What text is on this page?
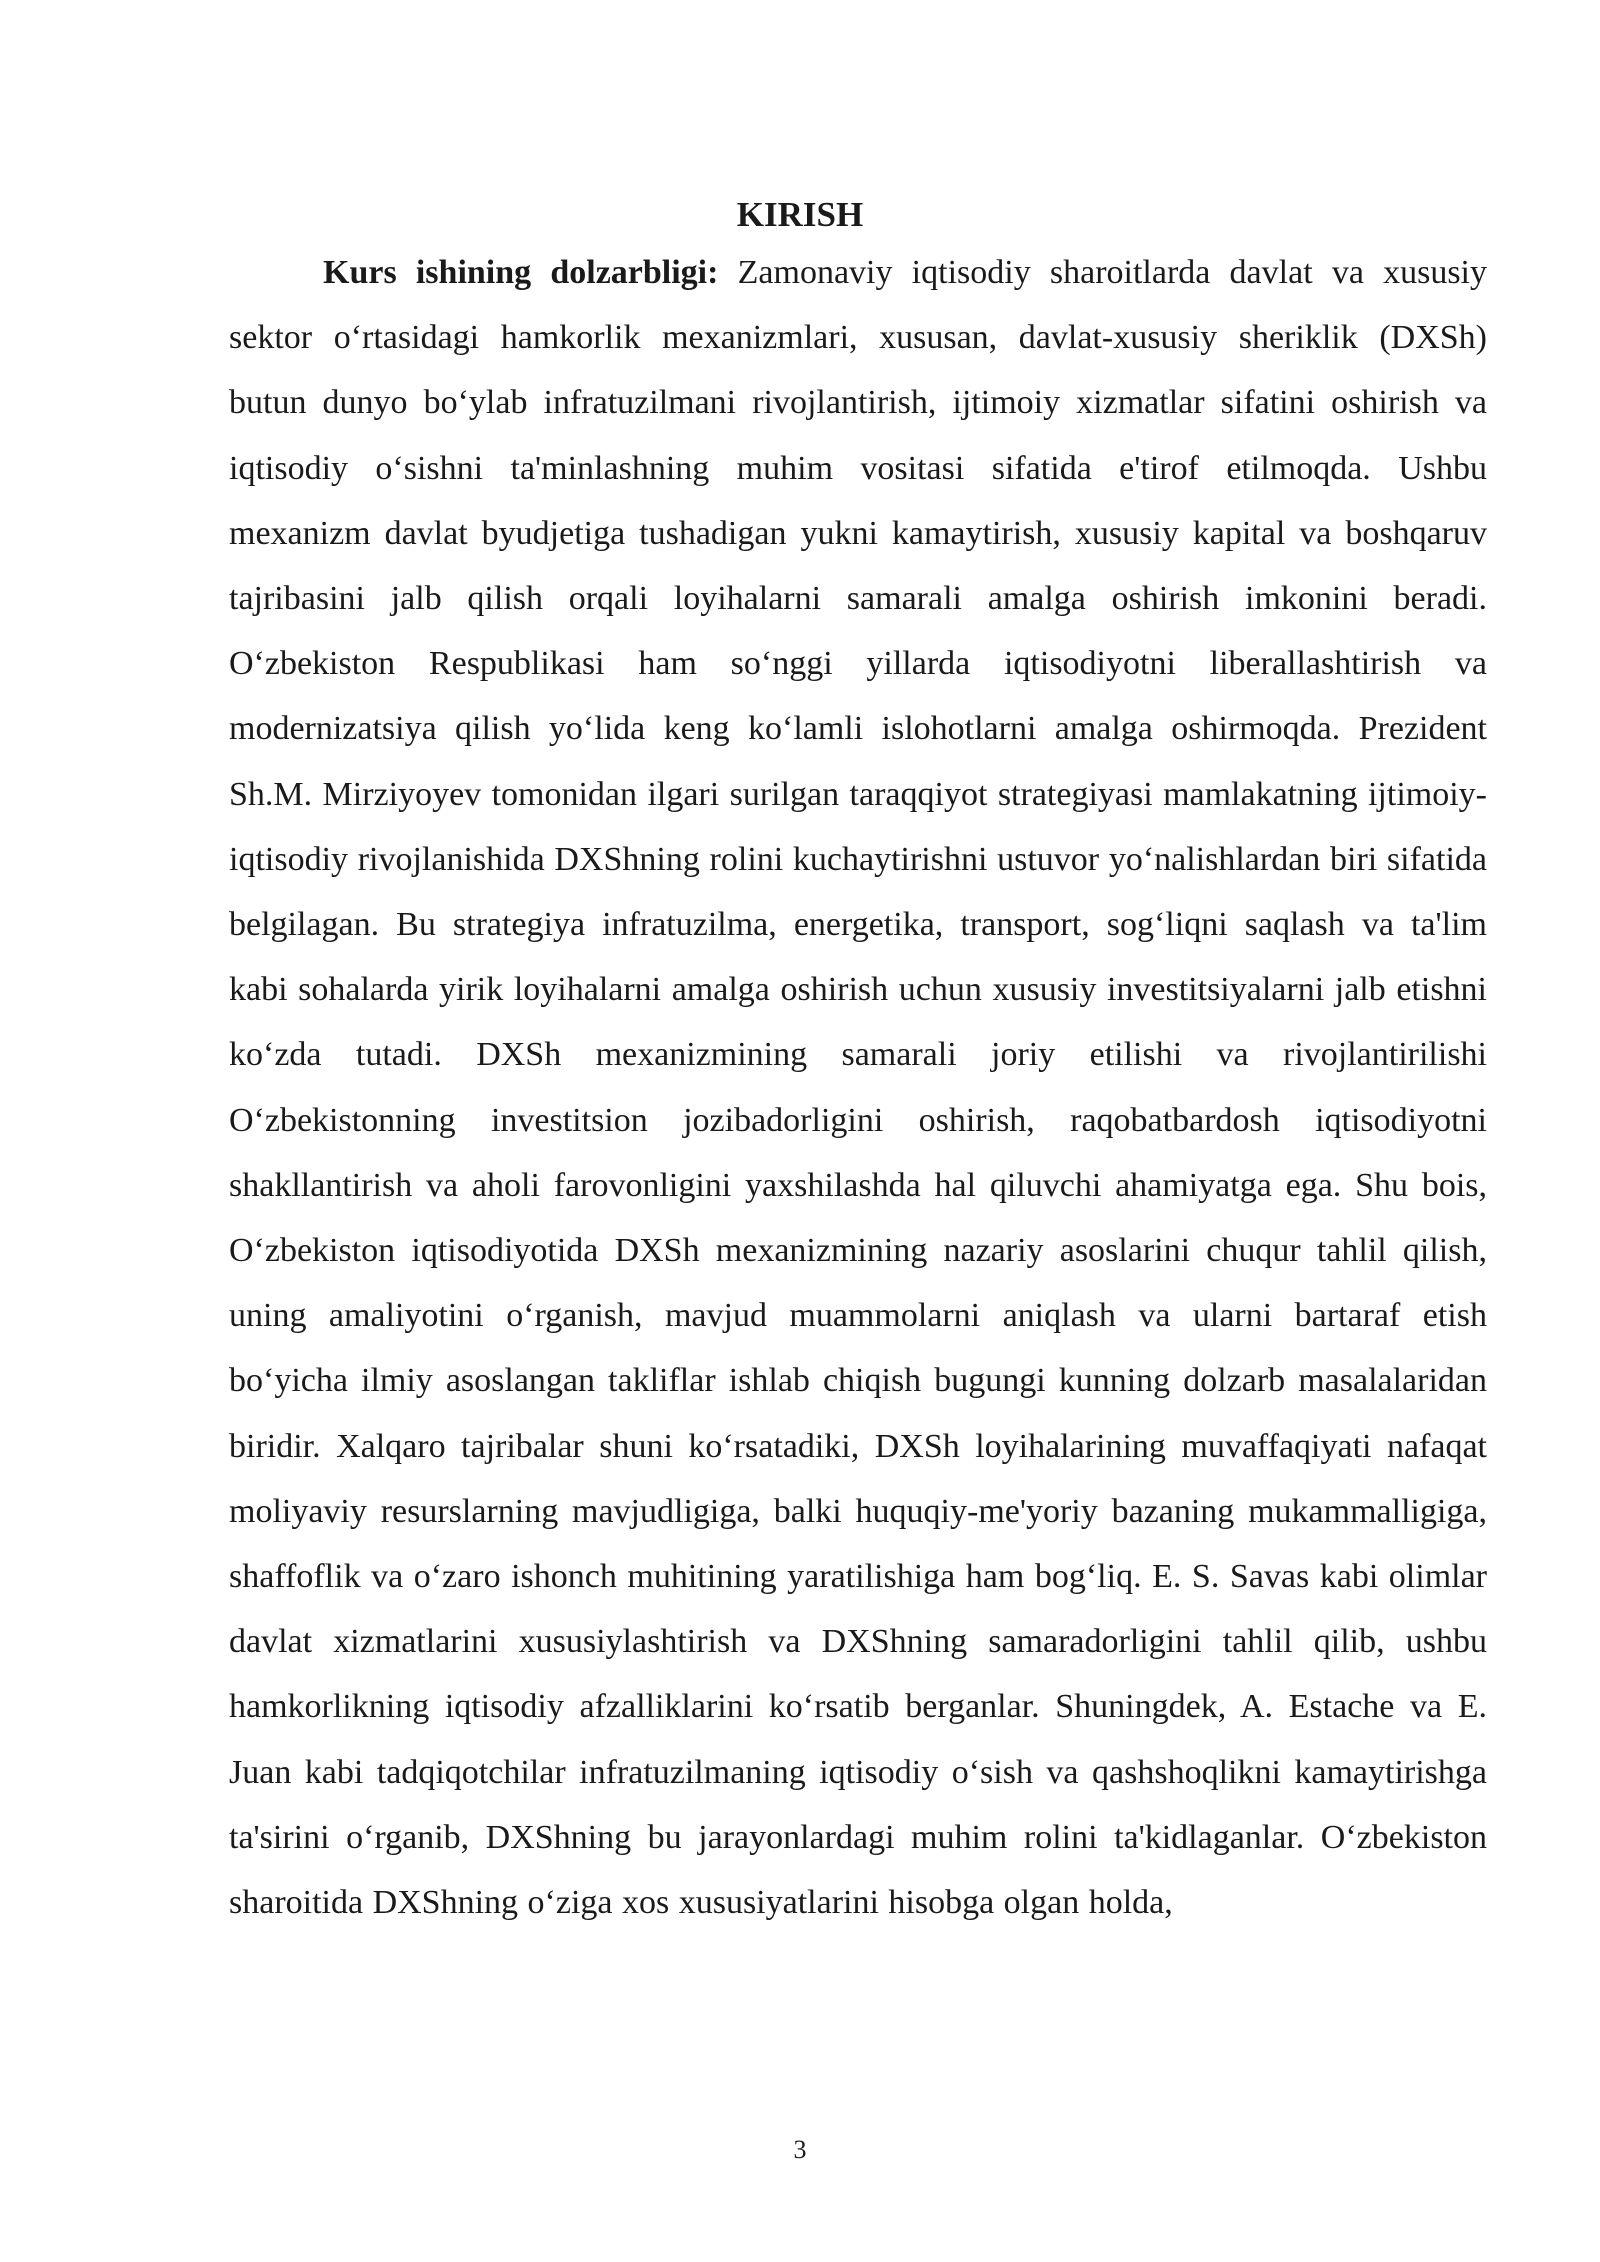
KIRISH

Kurs ishining dolzarbligi: Zamonaviy iqtisodiy sharoitlarda davlat va xususiy sektor o‘rtasidagi hamkorlik mexanizmlari, xususan, davlat-xususiy sheriklik (DXSh) butun dunyo bo‘ylab infratuzilmani rivojlantirish, ijtimoiy xizmatlar sifatini oshirish va iqtisodiy o‘sishni ta'minlashning muhim vositasi sifatida e'tirof etilmoqda. Ushbu mexanizm davlat byudjetiga tushadigan yukni kamaytirish, xususiy kapital va boshqaruv tajribasini jalb qilish orqali loyihalarni samarali amalga oshirish imkonini beradi. O‘zbekiston Respublikasi ham so‘nggi yillarda iqtisodiyotni liberallashtirish va modernizatsiya qilish yo‘lida keng ko‘lamli islohotlarni amalga oshirmoqda. Prezident Sh.M. Mirziyoyev tomonidan ilgari surilgan taraqqiyot strategiyasi mamlakatning ijtimoiy-iqtisodiy rivojlanishida DXShning rolini kuchaytirishni ustuvor yo‘nalishlardan biri sifatida belgilagan. Bu strategiya infratuzilma, energetika, transport, sog‘liqni saqlash va ta'lim kabi sohalarda yirik loyihalarni amalga oshirish uchun xususiy investitsiyalarni jalb etishni ko‘zda tutadi. DXSh mexanizmining samarali joriy etilishi va rivojlantirilishi O‘zbekistonning investitsion jozibadorligini oshirish, raqobatbardosh iqtisodiyotni shakllantirish va aholi farovonligini yaxshilashda hal qiluvchi ahamiyatga ega. Shu bois, O‘zbekiston iqtisodiyotida DXSh mexanizmining nazariy asoslarini chuqur tahlil qilish, uning amaliyotini o‘rganish, mavjud muammolarni aniqlash va ularni bartaraf etish bo‘yicha ilmiy asoslangan takliflar ishlab chiqish bugungi kunning dolzarb masalalaridan biridir. Xalqaro tajribalar shuni ko‘rsatadiki, DXSh loyihalarining muvaffaqiyati nafaqat moliyaviy resurslarning mavjudligiga, balki huquqiy-me'yoriy bazaning mukammalligiga, shaffoflik va o‘zaro ishonch muhitining yaratilishiga ham bog‘liq. E. S. Savas kabi olimlar davlat xizmatlarini xususiylashtirish va DXShning samaradorligini tahlil qilib, ushbu hamkorlikning iqtisodiy afzalliklarini ko‘rsatib berganlar. Shuningdek, A. Estache va E. Juan kabi tadqiqotchilar infratuzilmaning iqtisodiy o‘sish va qashshoqlikni kamaytirishga ta'sirini o‘rganib, DXShning bu jarayonlardagi muhim rolini ta'kidlaganlar. O‘zbekiston sharoitida DXShning o‘ziga xos xususiyatlarini hisobga olgan holda,

3
